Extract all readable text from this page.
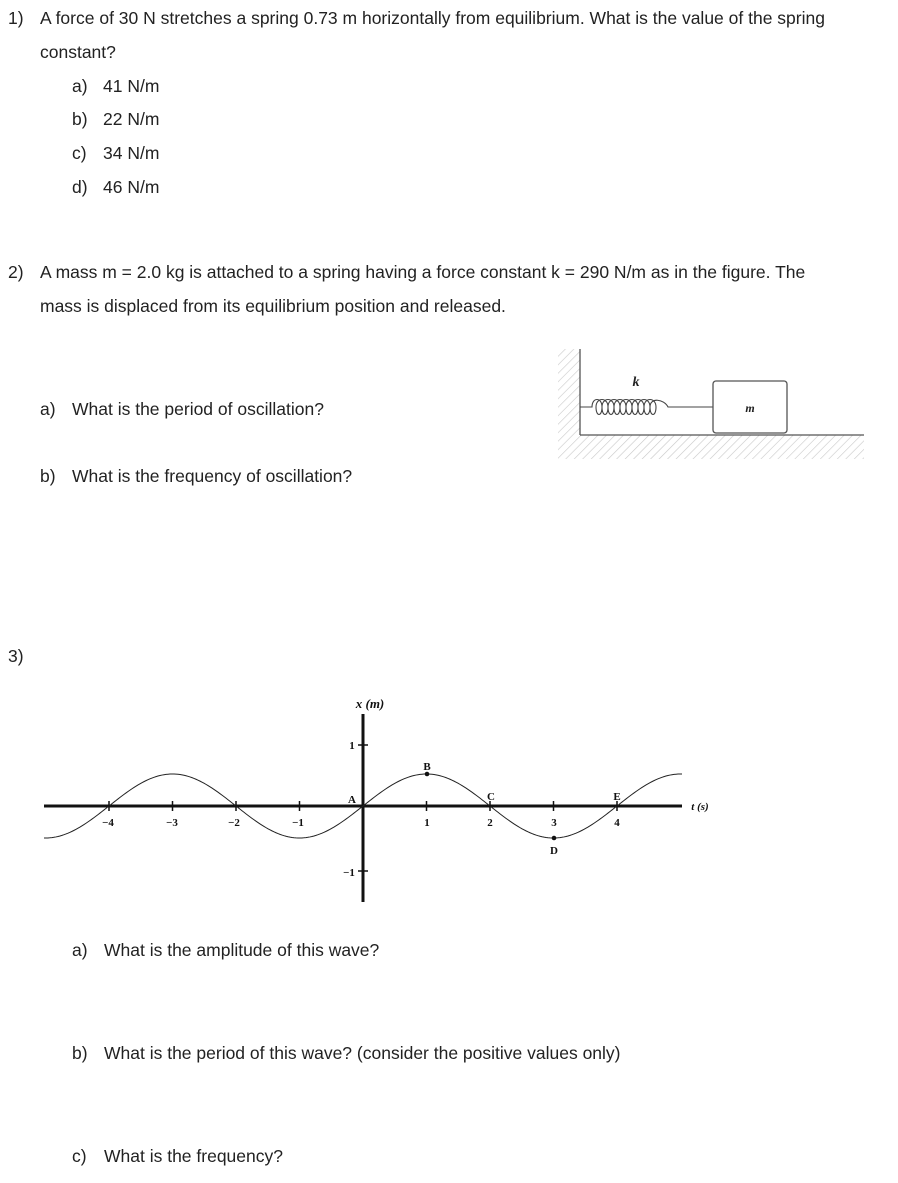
1) A force of 30 N stretches a spring 0.73 m horizontally from equilibrium. What is the value of the spring
constant?
a) 41 N/m
b) 22 N/m
c) 34 N/m
d) 46 N/m
2) A mass m = 2.0 kg is attached to a spring having a force constant k = 290 N/m as in the figure. The
mass is displaced from its equilibrium position and released.
a) What is the period of oscillation?
b) What is the frequency of oscillation?
k
m
3)
x (m)
t (s)
1
−1
−4	−3	−2	−1	1	2	3	4
A
B
C
D
E
a) What is the amplitude of this wave?
b) What is the period of this wave? (consider the positive values only)
c) What is the frequency?
